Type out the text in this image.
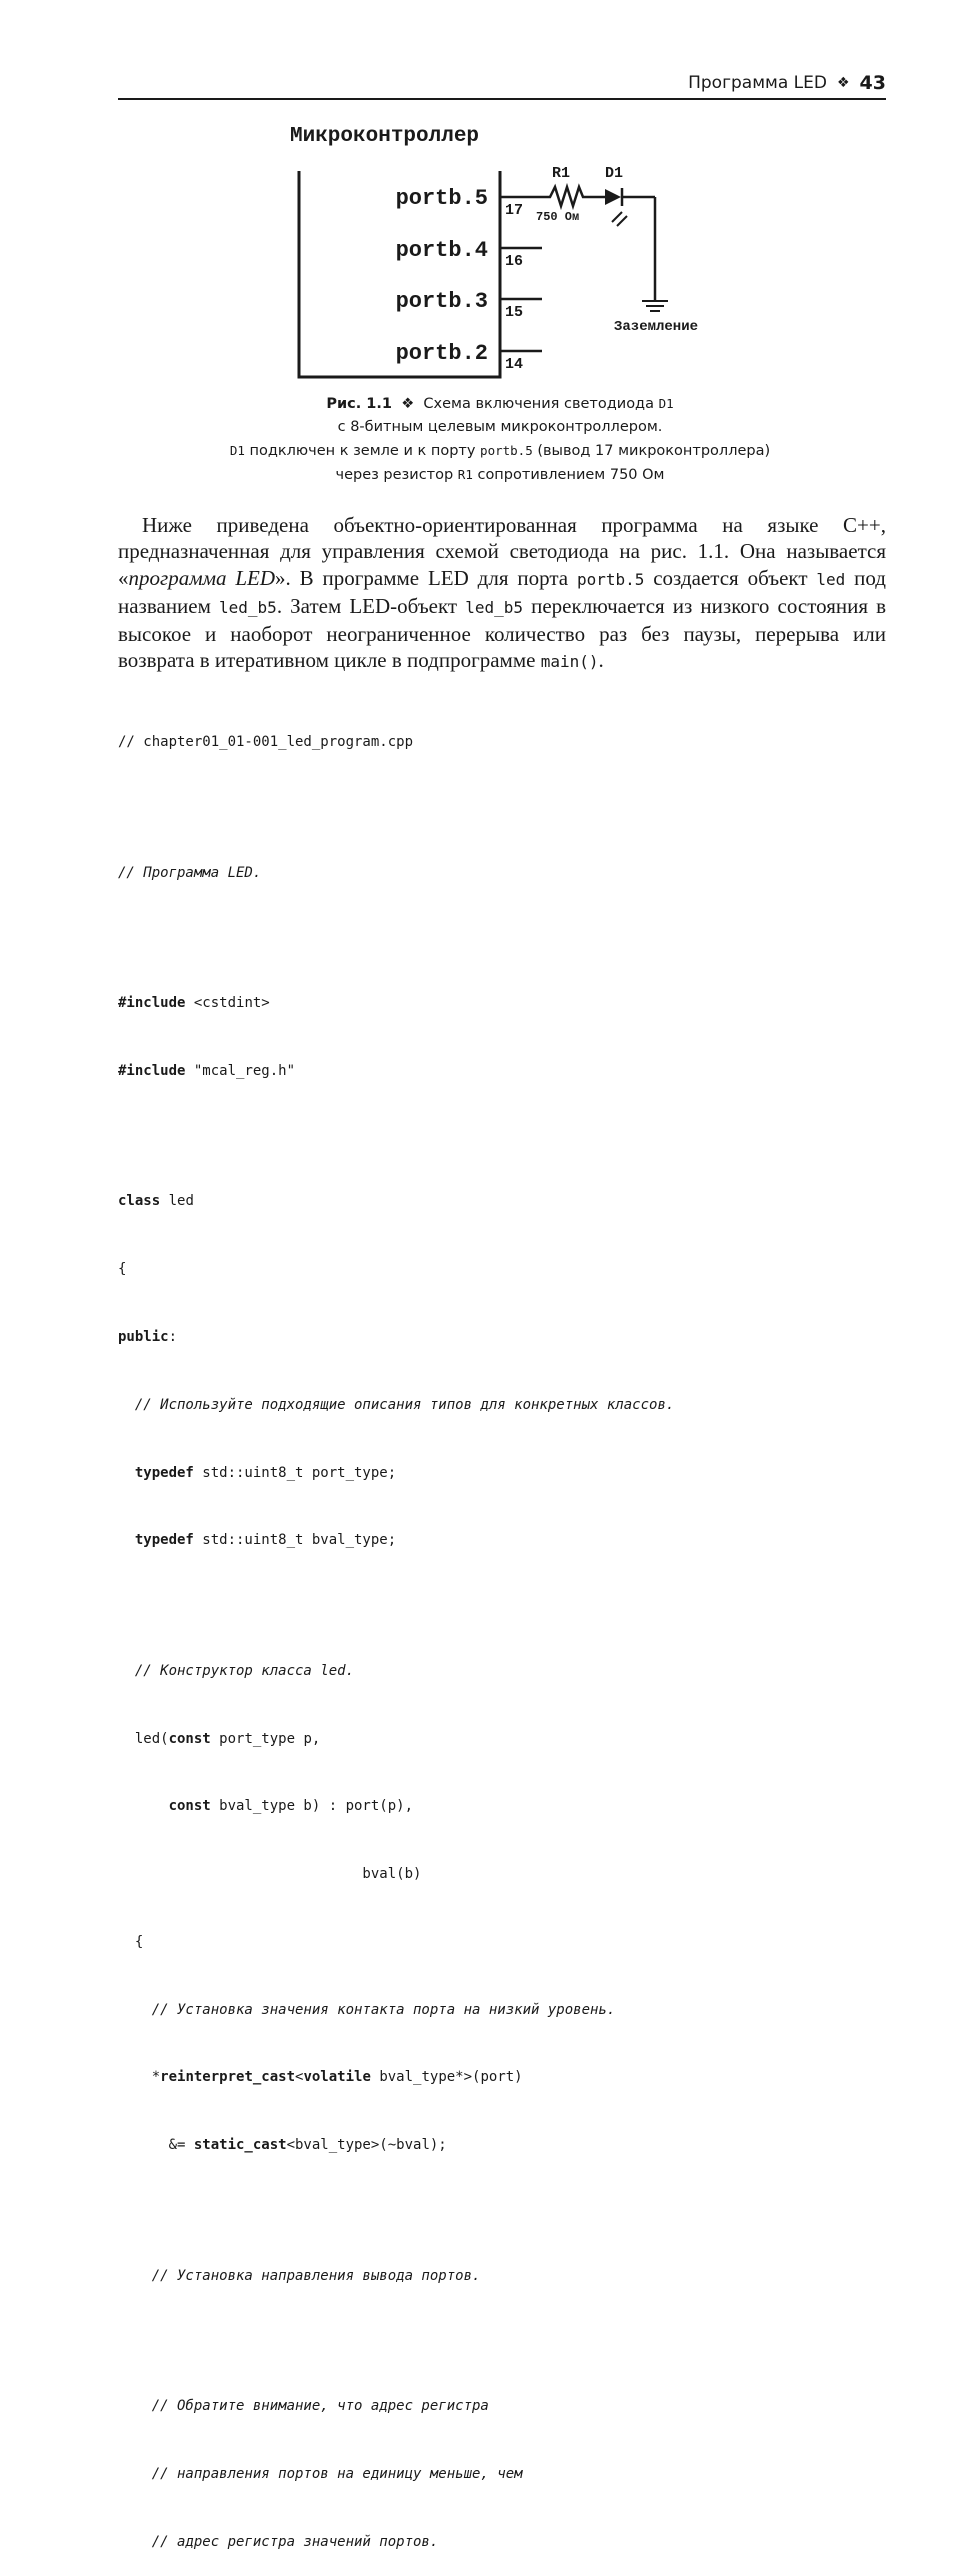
Программа LED ❖ 43
Микроконтроллер
portb.5
portb.4
portb.3
portb.2
17
16
15
14
R1
750 Ом
D1
Заземление
Рис. 1.1 ❖ Схема включения светодиода D1
с 8-битным целевым микроконтроллером.
D1 подключен к земле и к порту portb.5 (вывод 17 микроконтроллера)
через резистор R1 сопротивлением 750 Ом
Ниже приведена объектно-ориентированная программа на языке C++, предназначенная для управления схемой светодиода на рис. 1.1. Она называется «программа LED». В программе LED для порта portb.5 создается объект led под названием led_b5. Затем LED-объект led_b5 переключается из низкого состояния в высокое и наоборот неограниченное количество раз без паузы, перерыва или возврата в итеративном цикле в подпрограмме main().

// chapter01_01-001_led_program.cpp

// Программа LED.

#include <cstdint>

#include "mcal_reg.h"

class led

{

public:

// Используйте подходящие описания типов для конкретных классов.

typedef std::uint8_t port_type;

typedef std::uint8_t bval_type;

// Конструктор класса led.

led(const port_type p,

const bval_type b) : port(p),

bval(b)

{

// Установка значения контакта порта на низкий уровень.

*reinterpret_cast<volatile bval_type*>(port)

&= static_cast<bval_type>(~bval);

// Установка направления вывода портов.

// Обратите внимание, что адрес регистра

// направления портов на единицу меньше, чем

// адрес регистра значений портов.
